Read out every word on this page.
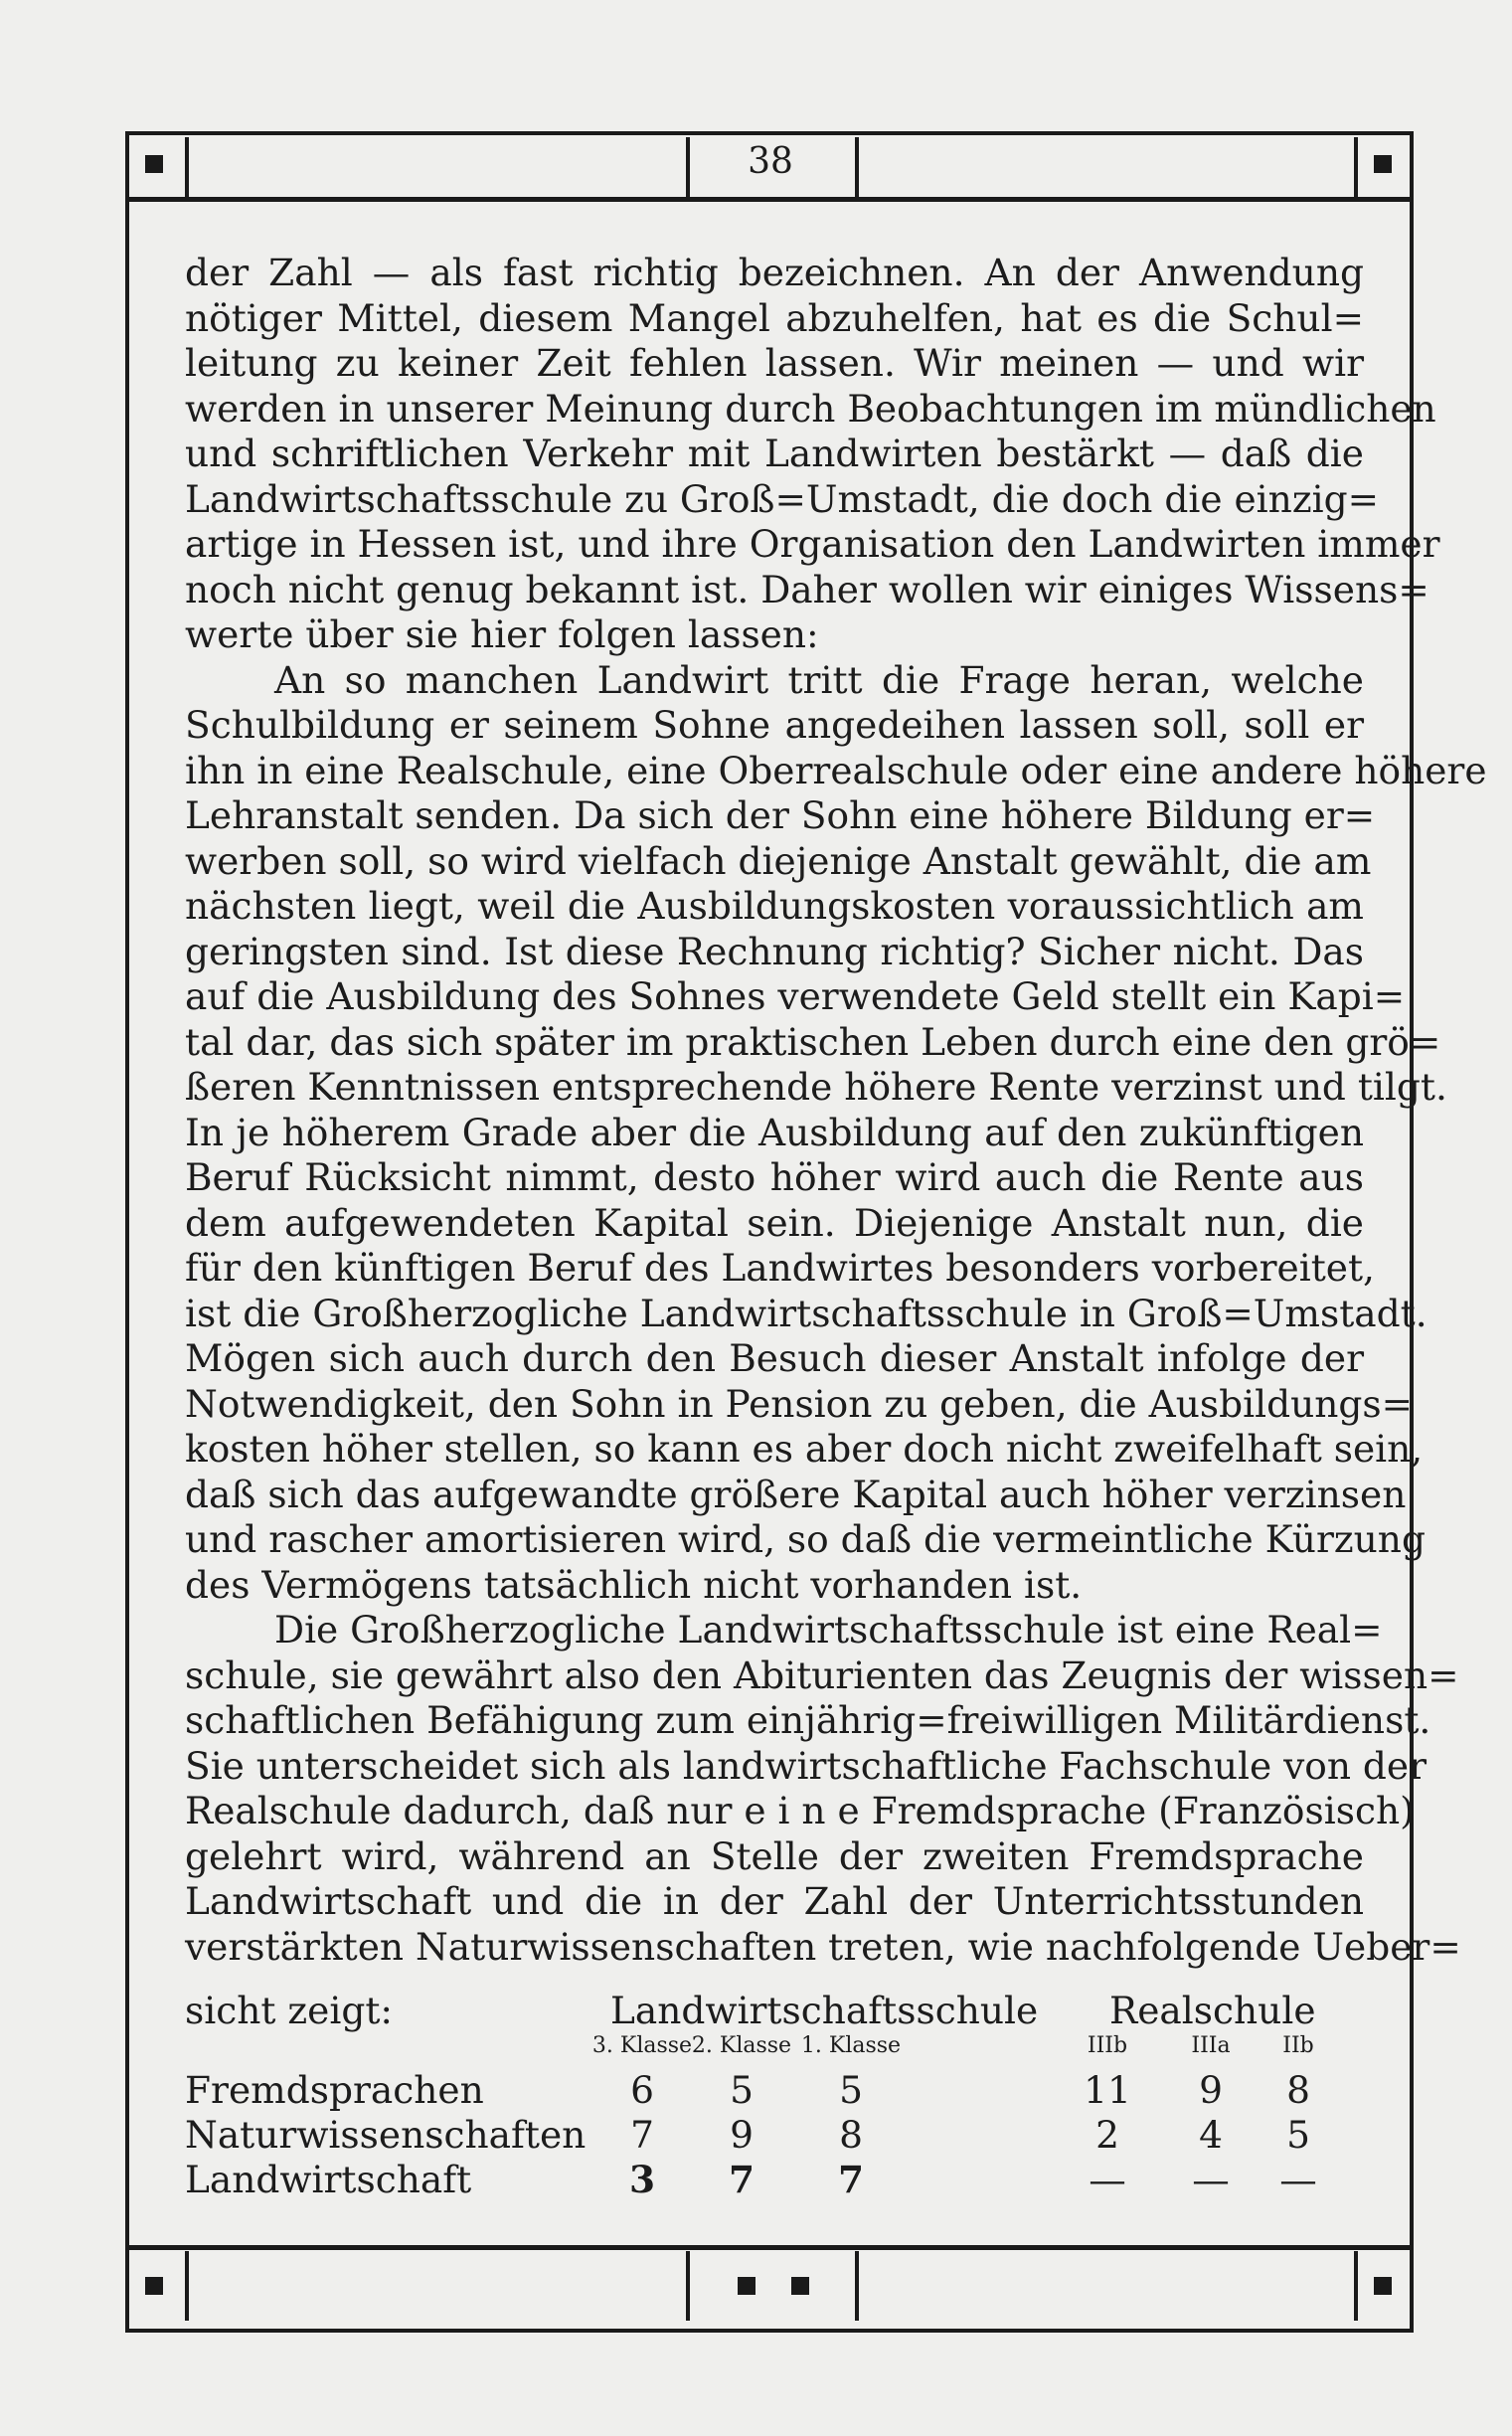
38
der Zahl — als fast richtig bezeichnen. An der Anwendung
nötiger Mittel, diesem Mangel abzuhelfen, hat es die Schul=
leitung zu keiner Zeit fehlen lassen. Wir meinen — und wir
werden in unserer Meinung durch Beobachtungen im mündlichen
und schriftlichen Verkehr mit Landwirten bestärkt — daß die
Landwirtschaftsschule zu Groß=Umstadt, die doch die einzig=
artige in Hessen ist, und ihre Organisation den Landwirten immer
noch nicht genug bekannt ist. Daher wollen wir einiges Wissens=
werte über sie hier folgen lassen:
An so manchen Landwirt tritt die Frage heran, welche
Schulbildung er seinem Sohne angedeihen lassen soll, soll er
ihn in eine Realschule, eine Oberrealschule oder eine andere höhere
Lehranstalt senden. Da sich der Sohn eine höhere Bildung er=
werben soll, so wird vielfach diejenige Anstalt gewählt, die am
nächsten liegt, weil die Ausbildungskosten voraussichtlich am
geringsten sind. Ist diese Rechnung richtig? Sicher nicht. Das
auf die Ausbildung des Sohnes verwendete Geld stellt ein Kapi=
tal dar, das sich später im praktischen Leben durch eine den grö=
ßeren Kenntnissen entsprechende höhere Rente verzinst und tilgt.
In je höherem Grade aber die Ausbildung auf den zukünftigen
Beruf Rücksicht nimmt, desto höher wird auch die Rente aus
dem aufgewendeten Kapital sein. Diejenige Anstalt nun, die
für den künftigen Beruf des Landwirtes besonders vorbereitet,
ist die Großherzogliche Landwirtschaftsschule in Groß=Umstadt.
Mögen sich auch durch den Besuch dieser Anstalt infolge der
Notwendigkeit, den Sohn in Pension zu geben, die Ausbildungs=
kosten höher stellen, so kann es aber doch nicht zweifelhaft sein,
daß sich das aufgewandte größere Kapital auch höher verzinsen
und rascher amortisieren wird, so daß die vermeintliche Kürzung
des Vermögens tatsächlich nicht vorhanden ist.
Die Großherzogliche Landwirtschaftsschule ist eine Real=
schule, sie gewährt also den Abiturienten das Zeugnis der wissen=
schaftlichen Befähigung zum einjährig=freiwilligen Militärdienst.
Sie unterscheidet sich als landwirtschaftliche Fachschule von der
Realschule dadurch, daß nur e i n e Fremdsprache (Französisch)
gelehrt wird, während an Stelle der zweiten Fremdsprache
Landwirtschaft und die in der Zahl der Unterrichtsstunden
verstärkten Naturwissenschaften treten, wie nachfolgende Ueber=
sicht zeigt:	Landwirtschaftsschule Realschule
3. Klasse 2. Klasse 1. Klasse	IIIb	IIIa	IIb
Fremdsprachen	6	5	5	11	9	8
Naturwissenschaften	7	9	8	2	4	5
Landwirtschaft	3	7	7	—	—	—
